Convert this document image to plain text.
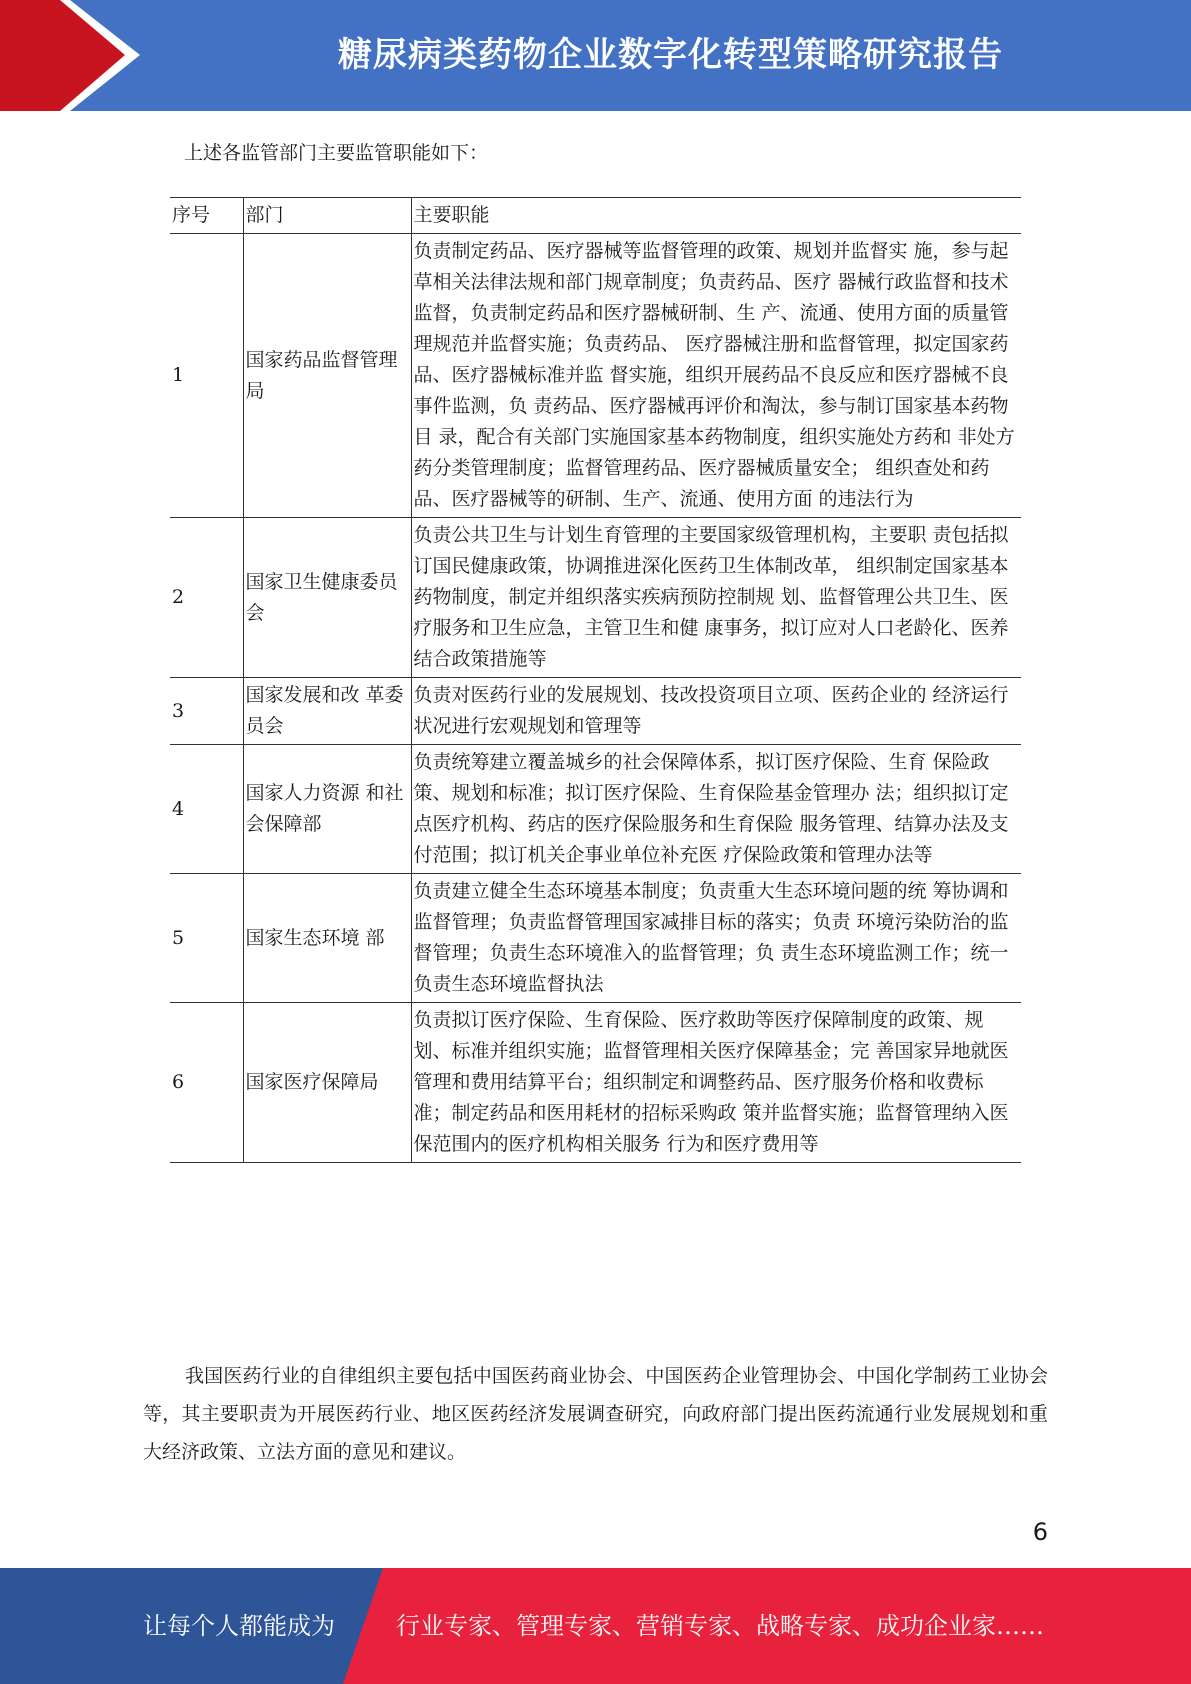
糖尿病类药物企业数字化转型策略研究报告
上述各监管部门主要监管职能如下：
序号	部门	主要职能
1	国家药品监督管理局	负责制定药品、医疗器械等监督管理的政策、规划并监督实 施，参与起草相关法律法规和部门规章制度；负责药品、医疗 器械行政监督和技术监督，负责制定药品和医疗器械研制、生 产、流通、使用方面的质量管理规范并监督实施；负责药品、 医疗器械注册和监督管理，拟定国家药品、医疗器械标准并监 督实施，组织开展药品不良反应和医疗器械不良事件监测，负 责药品、医疗器械再评价和淘汰，参与制订国家基本药物目 录，配合有关部门实施国家基本药物制度，组织实施处方药和 非处方药分类管理制度；监督管理药品、医疗器械质量安全； 组织查处和药品、医疗器械等的研制、生产、流通、使用方面 的违法行为
2	国家卫生健康委员会	负责公共卫生与计划生育管理的主要国家级管理机构，主要职 责包括拟订国民健康政策，协调推进深化医药卫生体制改革， 组织制定国家基本药物制度，制定并组织落实疾病预防控制规 划、监督管理公共卫生、医疗服务和卫生应急，主管卫生和健 康事务，拟订应对人口老龄化、医养结合政策措施等
3	国家发展和改 革委员会	负责对医药行业的发展规划、技改投资项目立项、医药企业的 经济运行状况进行宏观规划和管理等
4	国家人力资源 和社会保障部	负责统筹建立覆盖城乡的社会保障体系，拟订医疗保险、生育 保险政策、规划和标准；拟订医疗保险、生育保险基金管理办 法；组织拟订定点医疗机构、药店的医疗保险服务和生育保险 服务管理、结算办法及支付范围；拟订机关企事业单位补充医 疗保险政策和管理办法等
5	国家生态环境 部	负责建立健全生态环境基本制度；负责重大生态环境问题的统 筹协调和监督管理；负责监督管理国家减排目标的落实；负责 环境污染防治的监督管理；负责生态环境准入的监督管理；负 责生态环境监测工作；统一负责生态环境监督执法
6	国家医疗保障局	负责拟订医疗保险、生育保险、医疗救助等医疗保障制度的政策、规划、标准并组织实施；监督管理相关医疗保障基金；完 善国家异地就医管理和费用结算平台；组织制定和调整药品、医疗服务价格和收费标准；制定药品和医用耗材的招标采购政 策并监督实施；监督管理纳入医保范围内的医疗机构相关服务 行为和医疗费用等
我国医药行业的自律组织主要包括中国医药商业协会、中国医药企业管理协会、中国化学制药工业协会等，其主要职责为开展医药行业、地区医药经济发展调查研究，向政府部门提出医药流通行业发展规划和重大经济政策、立法方面的意见和建议。
6
让每个人都能成为	行业专家、管理专家、营销专家、战略专家、成功企业家……
